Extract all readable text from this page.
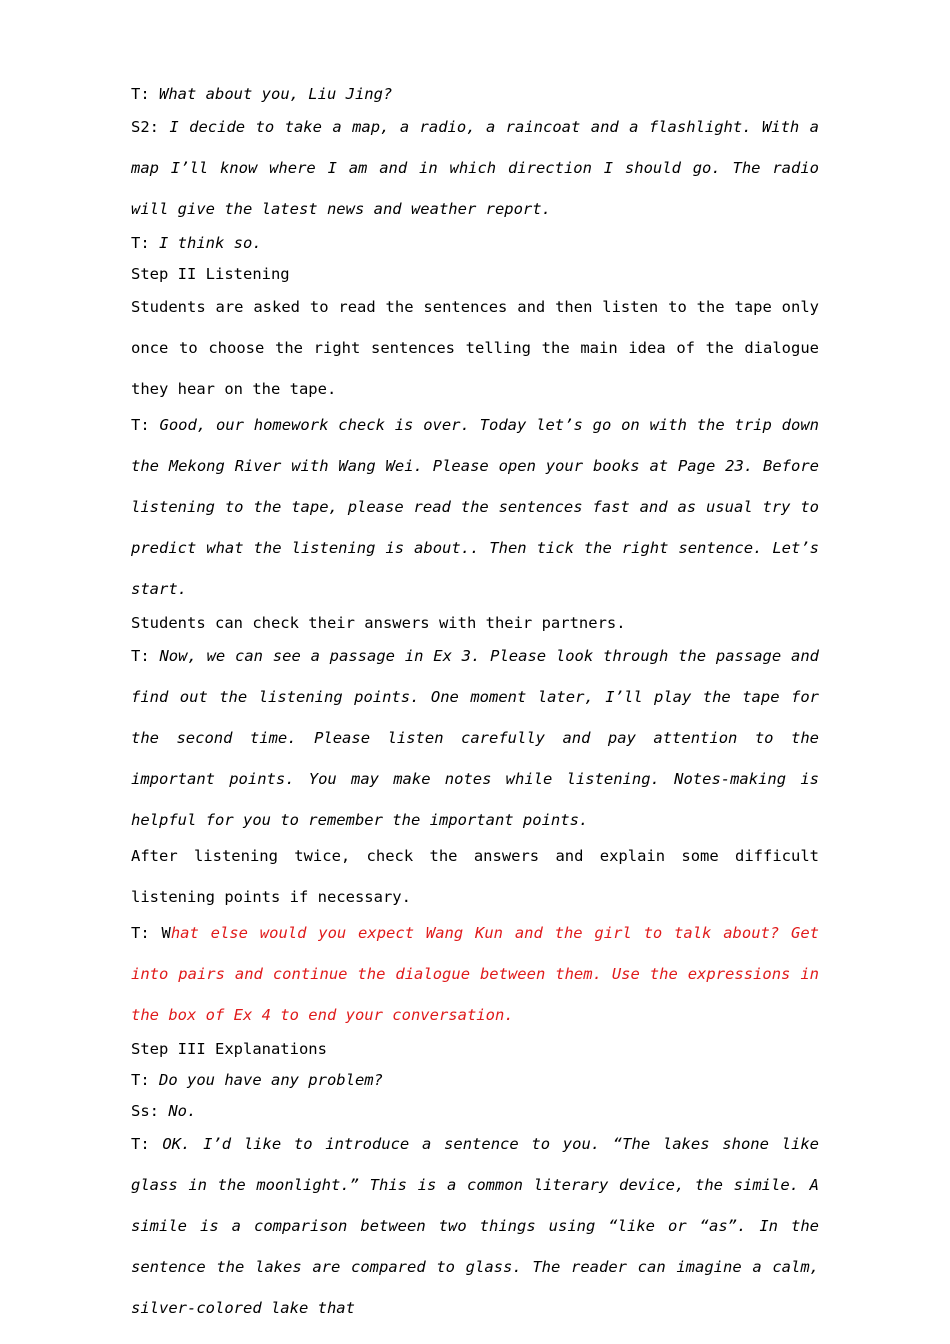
T: What about you, Liu Jing?

S2: I decide to take a map, a radio, a raincoat and a flashlight. With a map I’ll know where I am and in which direction I should go. The radio will give the latest news and weather report.

T: I think so.

Step II Listening

Students are asked to read the sentences and then listen to the tape only once to choose the right sentences telling the main idea of the dialogue they hear on the tape.

T: Good, our homework check is over. Today let’s go on with the trip down the Mekong River with Wang Wei. Please open your books at Page 23. Before listening to the tape, please read the sentences fast and as usual try to predict what the listening is about.. Then tick the right sentence. Let’s start.

Students can check their answers with their partners.

T: Now, we can see a passage in Ex 3. Please look through the passage and find out the listening points. One moment later, I’ll play the tape for the second time. Please listen carefully and pay attention to the important points. You may make notes while listening. Notes-making is helpful for you to remember the important points.

After listening twice, check the answers and explain some difficult listening points if necessary.

T: What else would you expect Wang Kun and the girl to talk about? Get into pairs and continue the dialogue between them. Use the expressions in the box of Ex 4 to end your conversation.

Step III Explanations

T: Do you have any problem?

Ss: No.

T: OK. I’d like to introduce a sentence to you. “The lakes shone like glass in the moonlight.” This is a common literary device, the simile. A simile is a comparison between two things using “like or “as”. In the sentence the lakes are compared to glass. The reader can imagine a calm, silver-colored lake that
